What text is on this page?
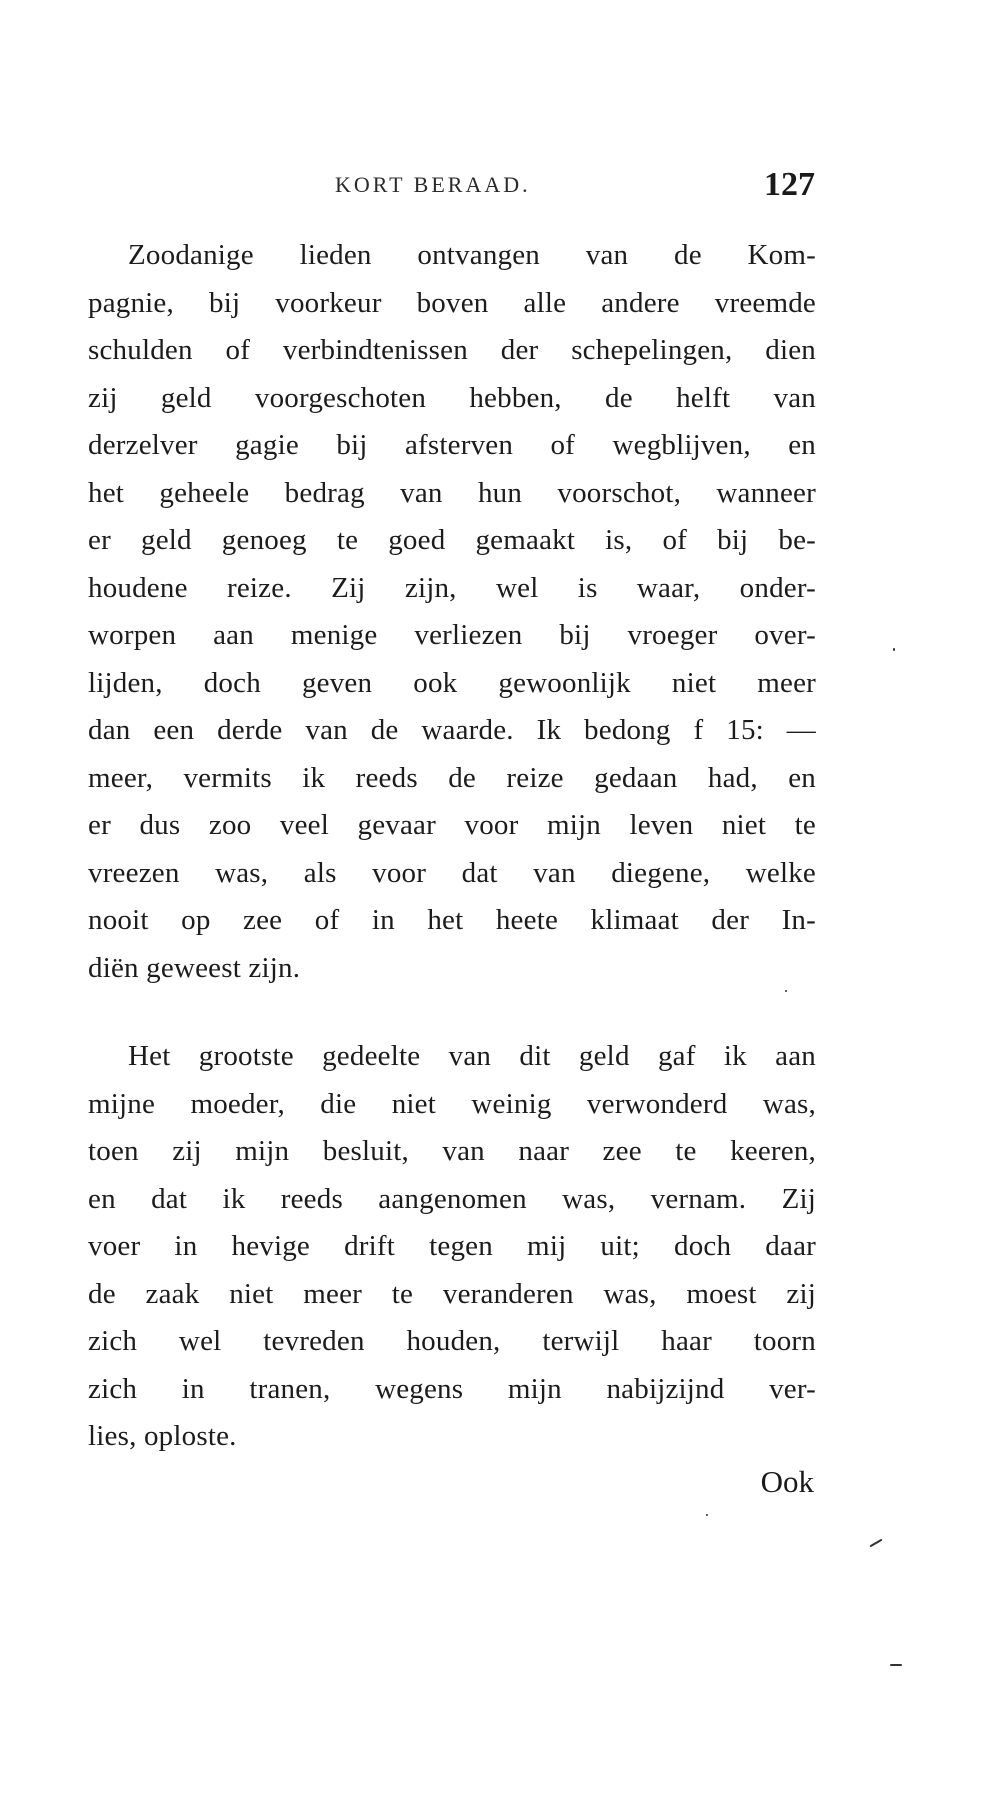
KORT BERAAD.	127
Zoodanige lieden ontvangen van de Kom-
pagnie, bij voorkeur boven alle andere vreemde
schulden of verbindtenissen der schepelingen, dien
zij geld voorgeschoten hebben, de helft van
derzelver gagie bij afsterven of wegblijven, en
het geheele bedrag van hun voorschot, wanneer
er geld genoeg te goed gemaakt is, of bij be-
houdene reize. Zij zijn, wel is waar, onder-
worpen aan menige verliezen bij vroeger over-
lijden, doch geven ook gewoonlijk niet meer
dan een derde van de waarde. Ik bedong f 15: —
meer, vermits ik reeds de reize gedaan had, en
er dus zoo veel gevaar voor mijn leven niet te
vreezen was, als voor dat van diegene, welke
nooit op zee of in het heete klimaat der In-
diën geweest zijn.
Het grootste gedeelte van dit geld gaf ik aan
mijne moeder, die niet weinig verwonderd was,
toen zij mijn besluit, van naar zee te keeren,
en dat ik reeds aangenomen was, vernam. Zij
voer in hevige drift tegen mij uit; doch daar
de zaak niet meer te veranderen was, moest zij
zich wel tevreden houden, terwijl haar toorn
zich in tranen, wegens mijn nabijzijnd ver-
lies, oploste.
Ook
